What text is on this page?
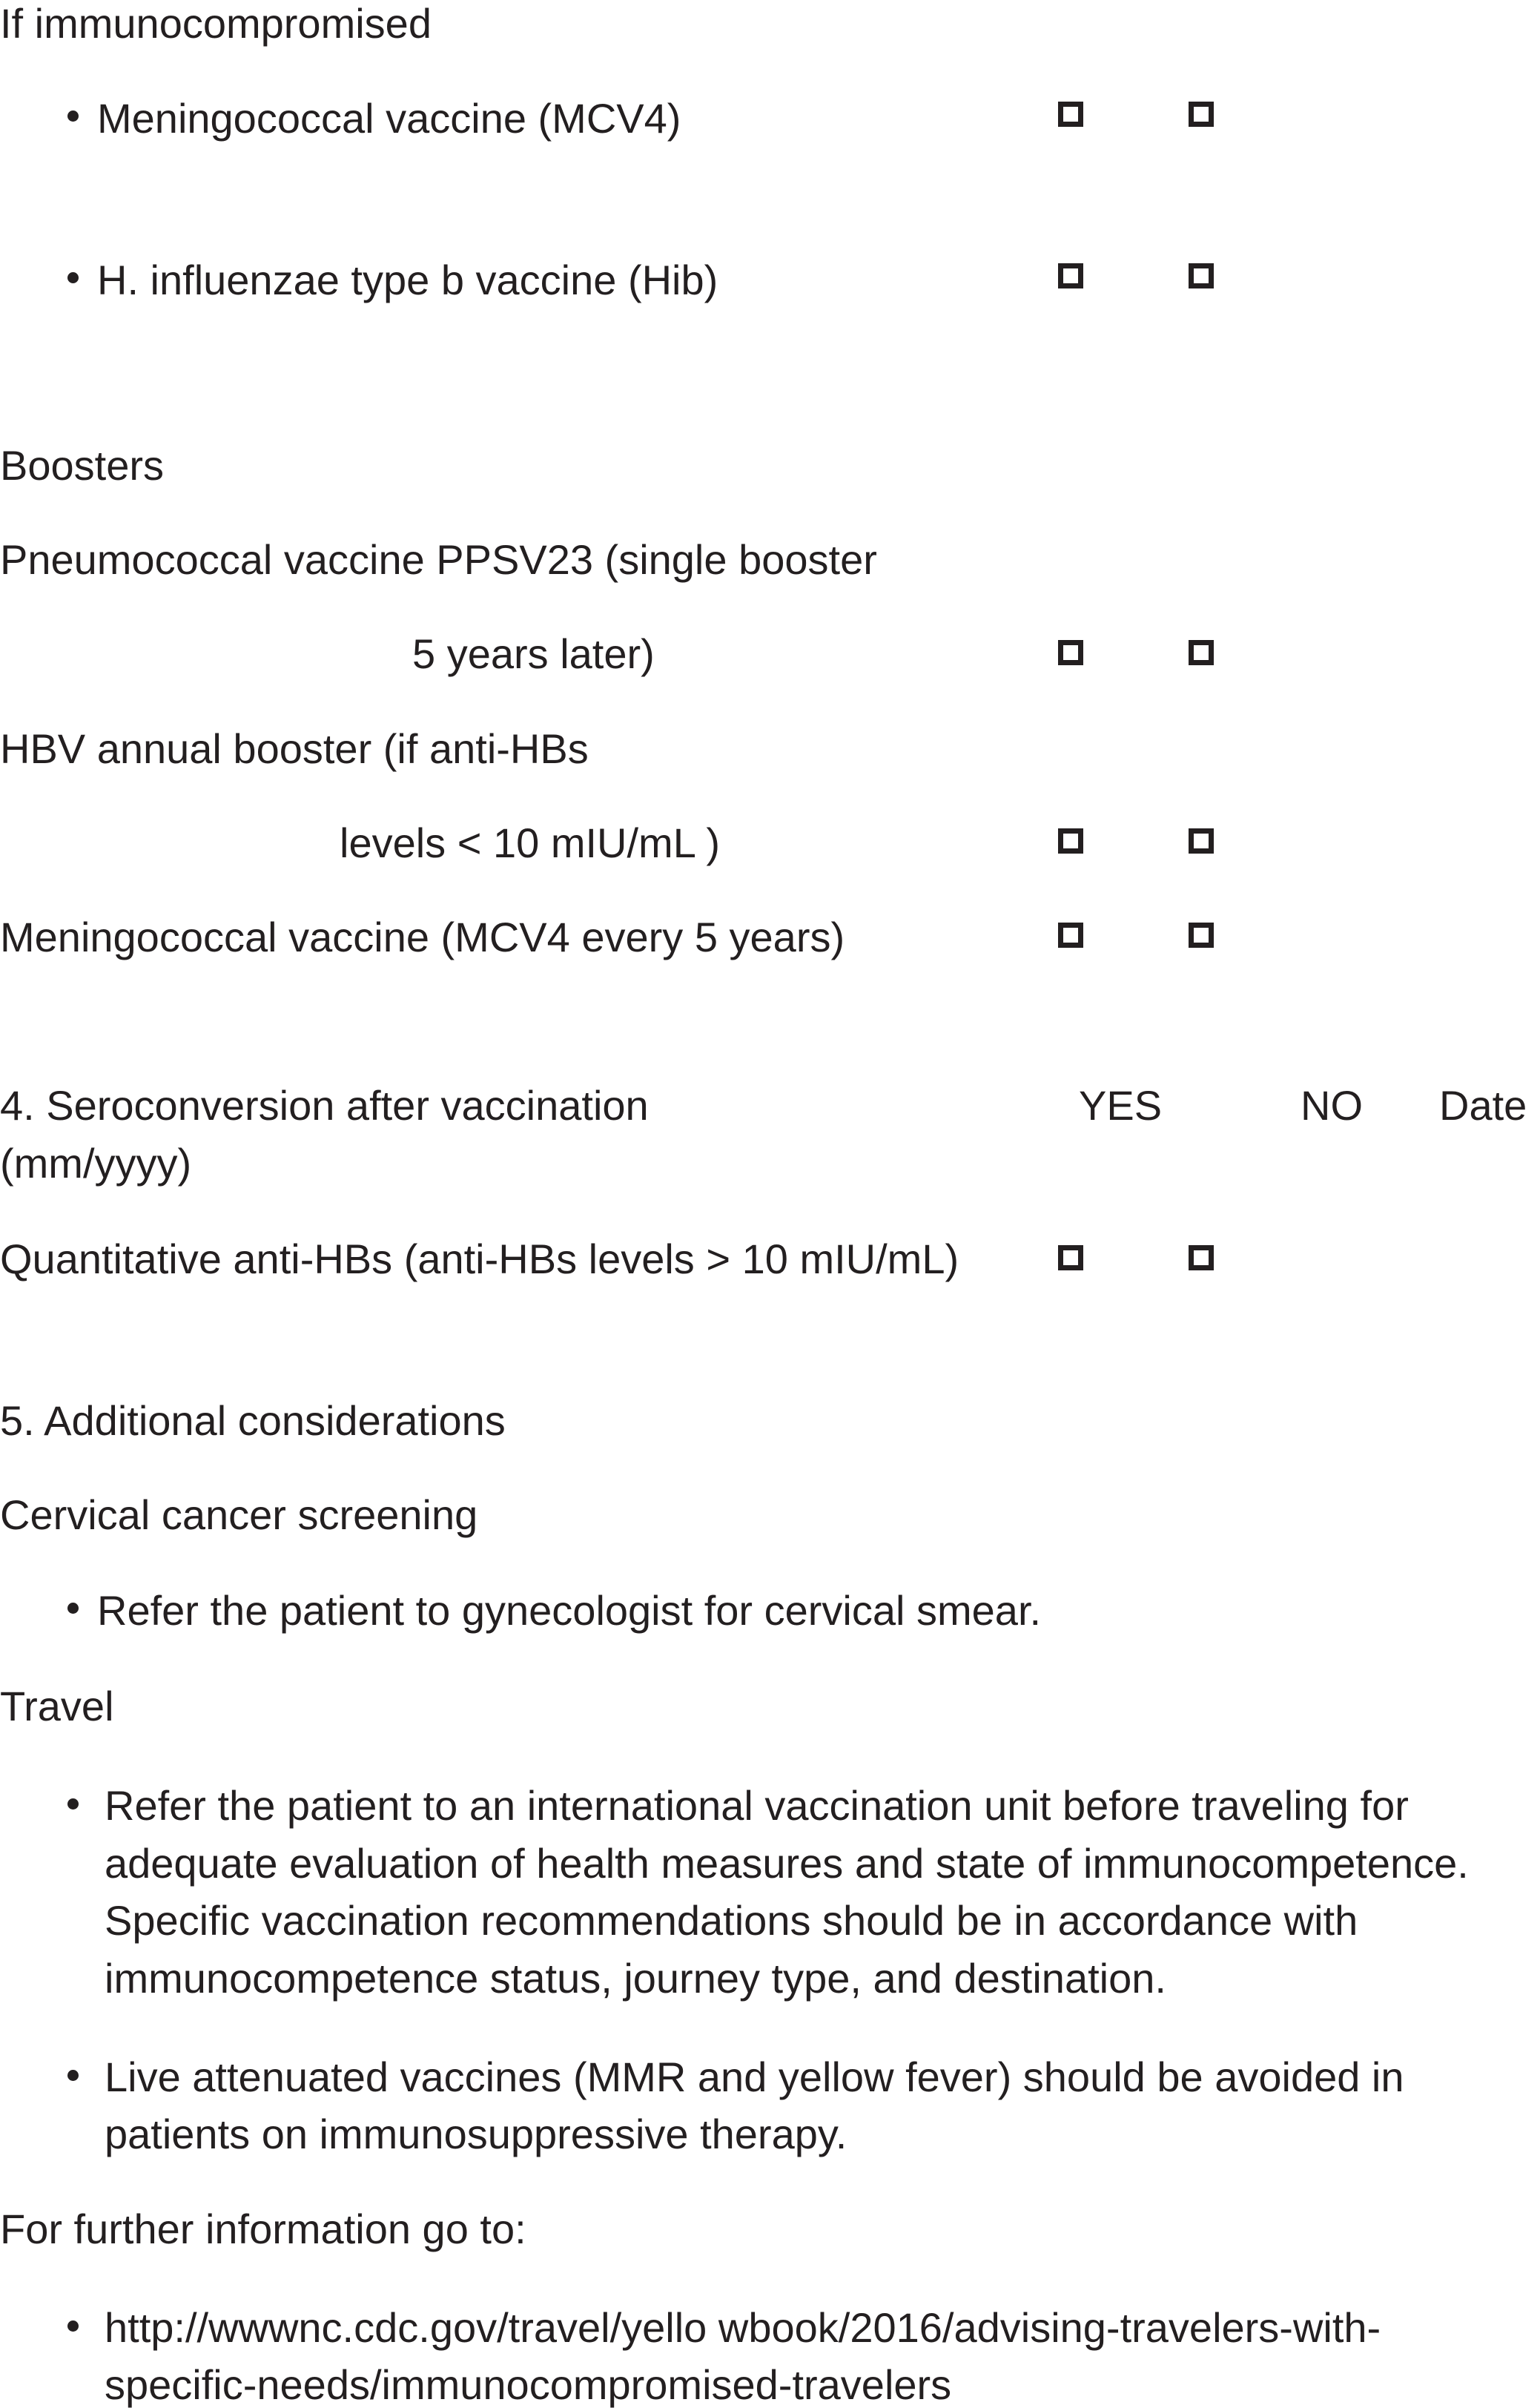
If immunocompromised
Meningococcal vaccine (MCV4)
H. influenzae type b vaccine (Hib)
Boosters
Pneumococcal vaccine PPSV23 (single booster
5 years later)
HBV annual booster (if anti-HBs
levels < 10 mIU/mL )
Meningococcal vaccine (MCV4 every 5 years)
4. Seroconversion after vaccination	YES	NO Date
(mm/yyyy)
Quantitative anti-HBs (anti-HBs levels > 10 mIU/mL)
5. Additional considerations
Cervical cancer screening
Refer the patient to gynecologist for cervical smear.
Travel
Refer the patient to an international vaccination unit before traveling for
adequate evaluation of health measures and state of immunocompetence.
Specific vaccination recommendations should be in accordance with
immunocompetence status, journey type, and destination.
Live attenuated vaccines (MMR and yellow fever) should be avoided in
patients on immunosuppressive therapy.
For further information go to:
http://wwwnc.cdc.gov/travel/yello wbook/2016/advising-travelers-with-
specific-needs/immunocompromised-travelers
